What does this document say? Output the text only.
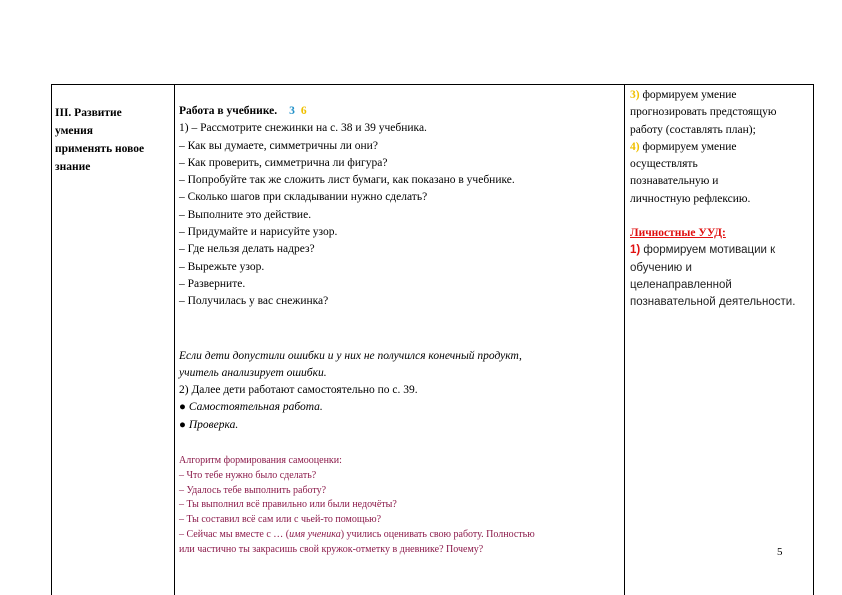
III. Развитие
умения
применять новое
знание
Работа в учебнике. 3 6
1) – Рассмотрите снежинки на с. 38 и 39 учебника.
– Как вы думаете, симметричны ли они?
– Как проверить, симметрична ли фигура?
– Попробуйте так же сложить лист бумаги, как показано в учебнике.
– Сколько шагов при складывании нужно сделать?
– Выполните это действие.
– Придумайте и нарисуйте узор.
– Где нельзя делать надрез?
– Вырежьте узор.
– Разверните.
– Получилась у вас снежинка?
Если дети допустили ошибки и у них не получился конечный продукт,
учитель анализирует ошибки.
2) Далее дети работают самостоятельно по с. 39.
● Самостоятельная работа.
● Проверка.
Алгоритм формирования самооценки:
– Что тебе нужно было сделать?
– Удалось тебе выполнить работу?
– Ты выполнил всё правильно или были недочёты?
– Ты составил всё сам или с чьей-то помощью?
– Сейчас мы вместе с … (имя ученика) учились оценивать свою работу. Полностью
или частично ты закрасишь свой кружок-отметку в дневнике? Почему?
3) формируем умение
прогнозировать предстоящую
работу (составлять план);
4) формируем умение
осуществлять
познавательную и
личностную рефлексию.
Личностные УУД:
1) формируем мотивации к
обучению и
целенаправленной
познавательной деятельности.
5
